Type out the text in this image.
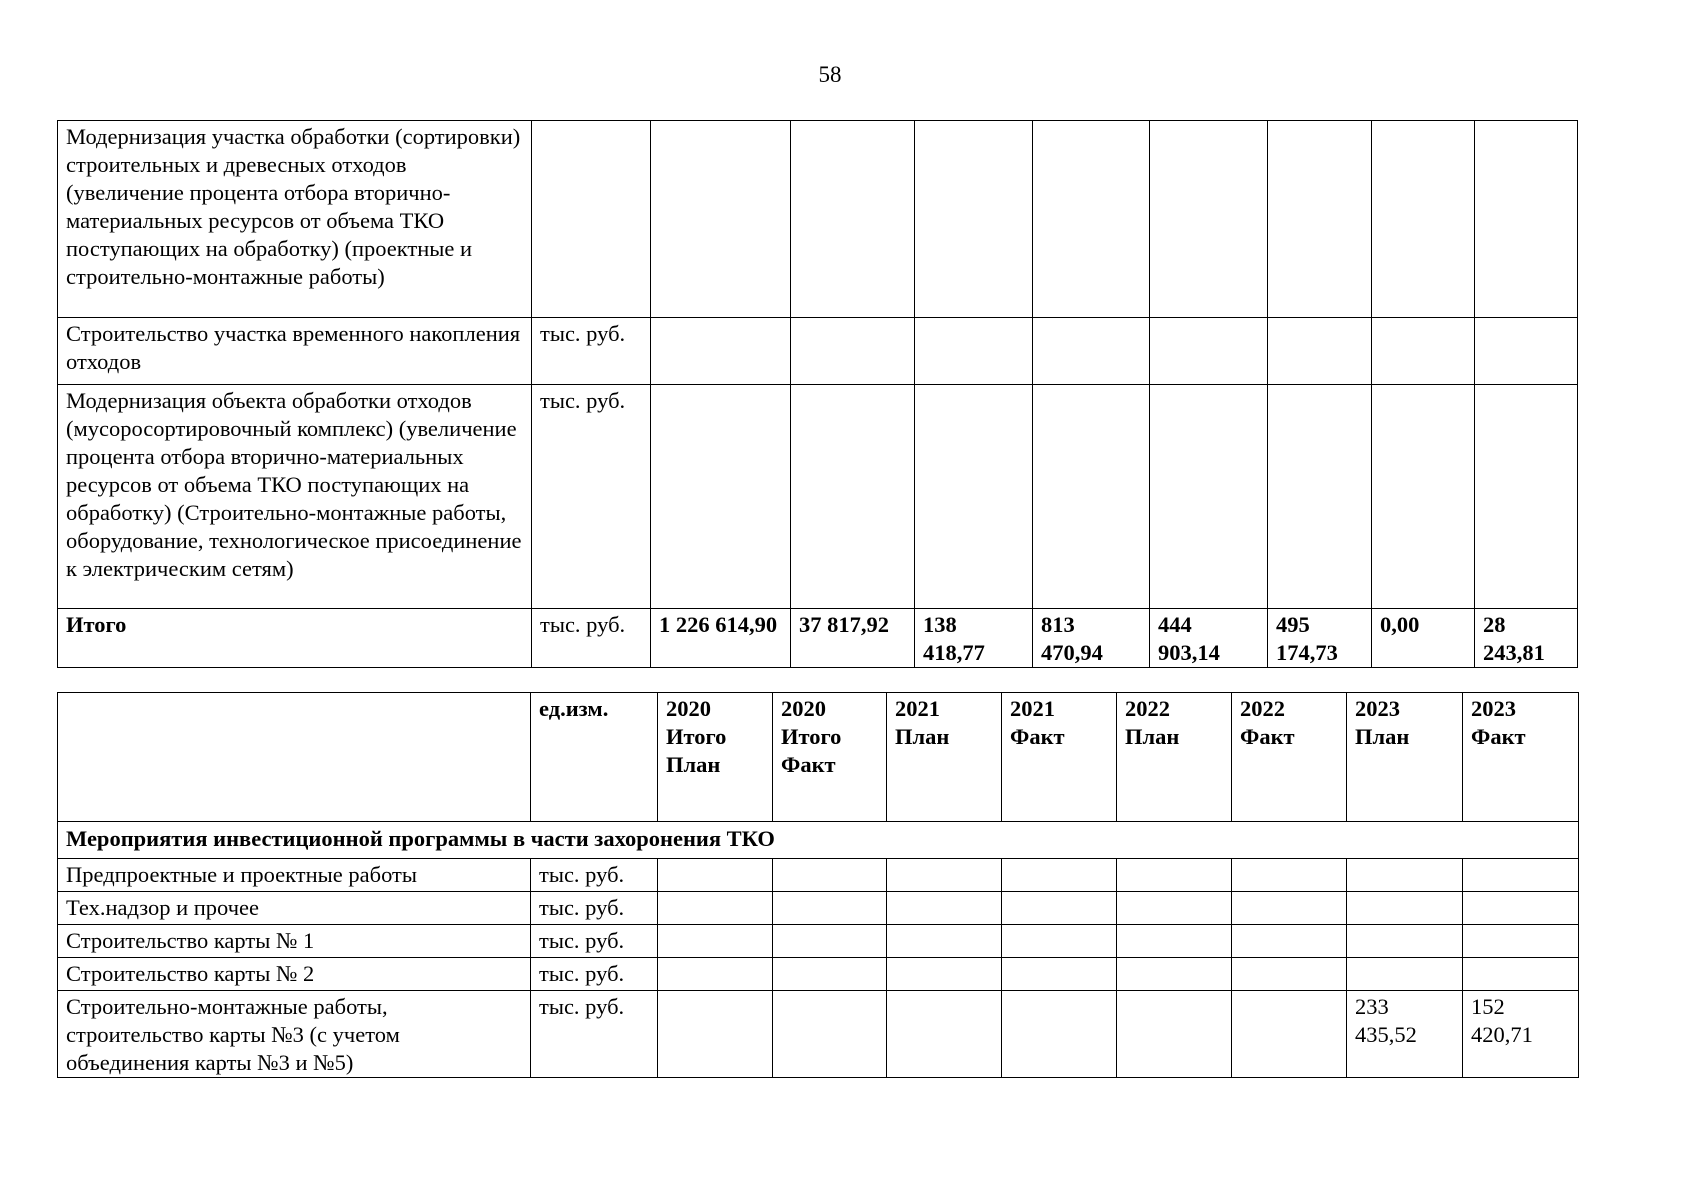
58
Модернизация участка обработки (сортировки) строительных и древесных отходов (увеличение процента отбора вторично-материальных ресурсов от объема ТКО поступающих на обработку) (проектные и строительно-монтажные работы)									
Строительство участка временного накопления отходов	тыс. руб.								
Модернизация объекта обработки отходов (мусоросортировочный комплекс) (увеличение процента отбора вторично-материальных ресурсов от объема ТКО поступающих на обработку) (Строительно-монтажные работы, оборудование, технологическое присоединение к электрическим сетям)	тыс. руб.								
Итого	тыс. руб.	1 226 614,90	37 817,92	138 418,77	813 470,94	444 903,14	495 174,73	0,00	28 243,81
	ед.изм.	2020 Итого План	2020 Итого Факт	2021 План	2021 Факт	2022 План	2022 Факт	2023 План	2023 Факт
Мероприятия инвестиционной программы в части захоронения ТКО									
Предпроектные и проектные работы	тыс. руб.								
Тех.надзор и прочее	тыс. руб.								
Строительство карты № 1	тыс. руб.								
Строительство карты № 2	тыс. руб.								
Строительно-монтажные работы, строительство карты №3 (с учетом объединения карты №3 и №5)	тыс. руб.							233 435,52	152 420,71
